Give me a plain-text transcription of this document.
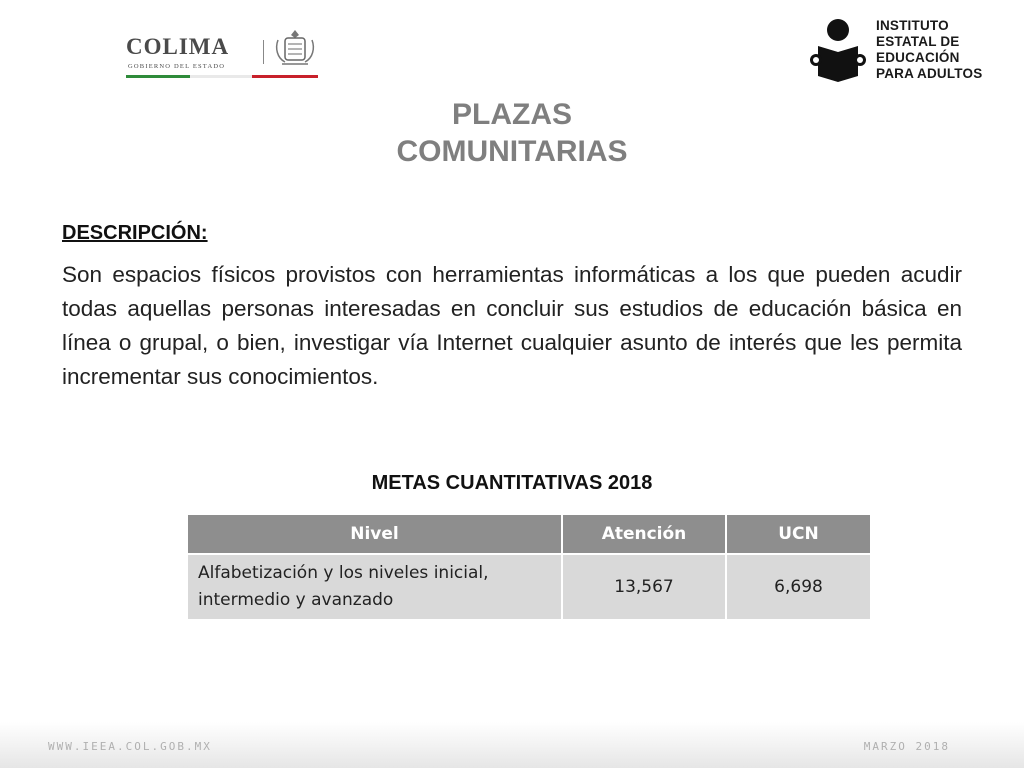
COLIMA
GOBIERNO DEL ESTADO
INSTITUTO
ESTATAL DE
EDUCACIÓN
PARA ADULTOS
PLAZAS
COMUNITARIAS
DESCRIPCIÓN:
Son espacios físicos provistos con herramientas informáticas a los que pueden acudir todas aquellas personas interesadas en concluir sus estudios de educación básica en línea o grupal, o bien, investigar vía Internet cualquier asunto de interés que les permita incrementar sus conocimientos.
METAS CUANTITATIVAS 2018
Nivel	Atención	UCN
Alfabetización y los niveles inicial, intermedio y avanzado	13,567	6,698
WWW.IEEA.COL.GOB.MX	MARZO 2018
